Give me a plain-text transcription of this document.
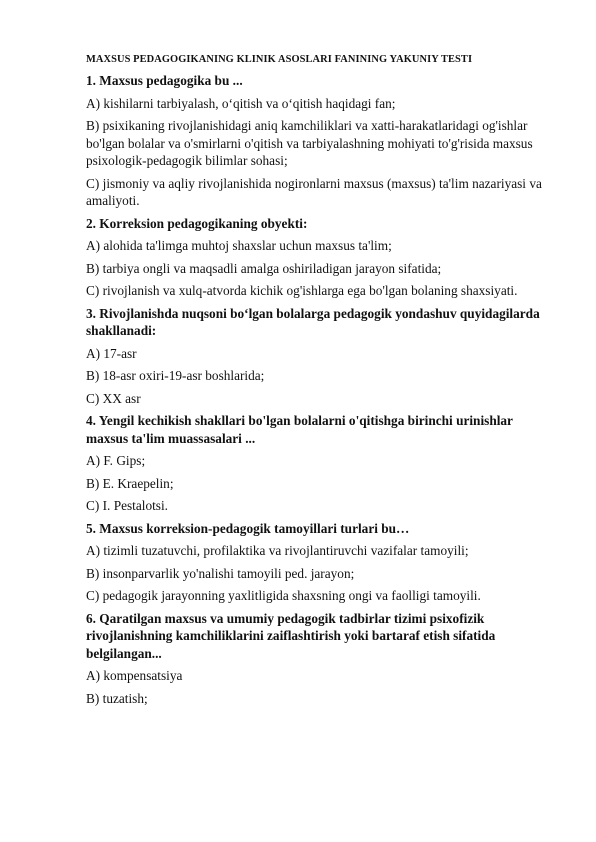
MAXSUS PEDAGOGIKANING KLINIK ASOSLARI FANINING YAKUNIY TESTI
1. Maxsus pedagogika bu ...
A) kishilarni tarbiyalash, o‘qitish va o‘qitish haqidagi fan;
B) psixikaning rivojlanishidagi aniq kamchiliklari va xatti-harakatlaridagi og'ishlar bo'lgan bolalar va o'smirlarni o'qitish va tarbiyalashning mohiyati to'g'risida maxsus psixologik-pedagogik bilimlar sohasi;
C) jismoniy va aqliy rivojlanishida nogironlarni maxsus (maxsus) ta'lim nazariyasi va amaliyoti.
2. Korreksion pedagogikaning obyekti:
A) alohida ta'limga muhtoj shaxslar uchun maxsus ta'lim;
B) tarbiya ongli va maqsadli amalga oshiriladigan jarayon sifatida;
C) rivojlanish va xulq-atvorda kichik og'ishlarga ega bo'lgan bolaning shaxsiyati.
3. Rivojlanishda nuqsoni bo‘lgan bolalarga pedagogik yondashuv quyidagilarda shakllanadi:
A) 17-asr
B) 18-asr oxiri-19-asr boshlarida;
C) XX asr
4. Yengil kechikish shakllari bo'lgan bolalarni o'qitishga birinchi urinishlar maxsus ta'lim muassasalari ...
A) F. Gips;
B) E. Kraepelin;
C) I. Pestalotsi.
5. Maxsus korreksion-pedagogik tamoyillari turlari bu…
A) tizimli tuzatuvchi, profilaktika va rivojlantiruvchi vazifalar tamoyili;
B) insonparvarlik yo'nalishi tamoyili ped. jarayon;
C) pedagogik jarayonning yaxlitligida shaxsning ongi va faolligi tamoyili.
6. Qaratilgan maxsus va umumiy pedagogik tadbirlar tizimi psixofizik rivojlanishning kamchiliklarini zaiflashtirish yoki bartaraf etish sifatida belgilangan...
A) kompensatsiya
B) tuzatish;
